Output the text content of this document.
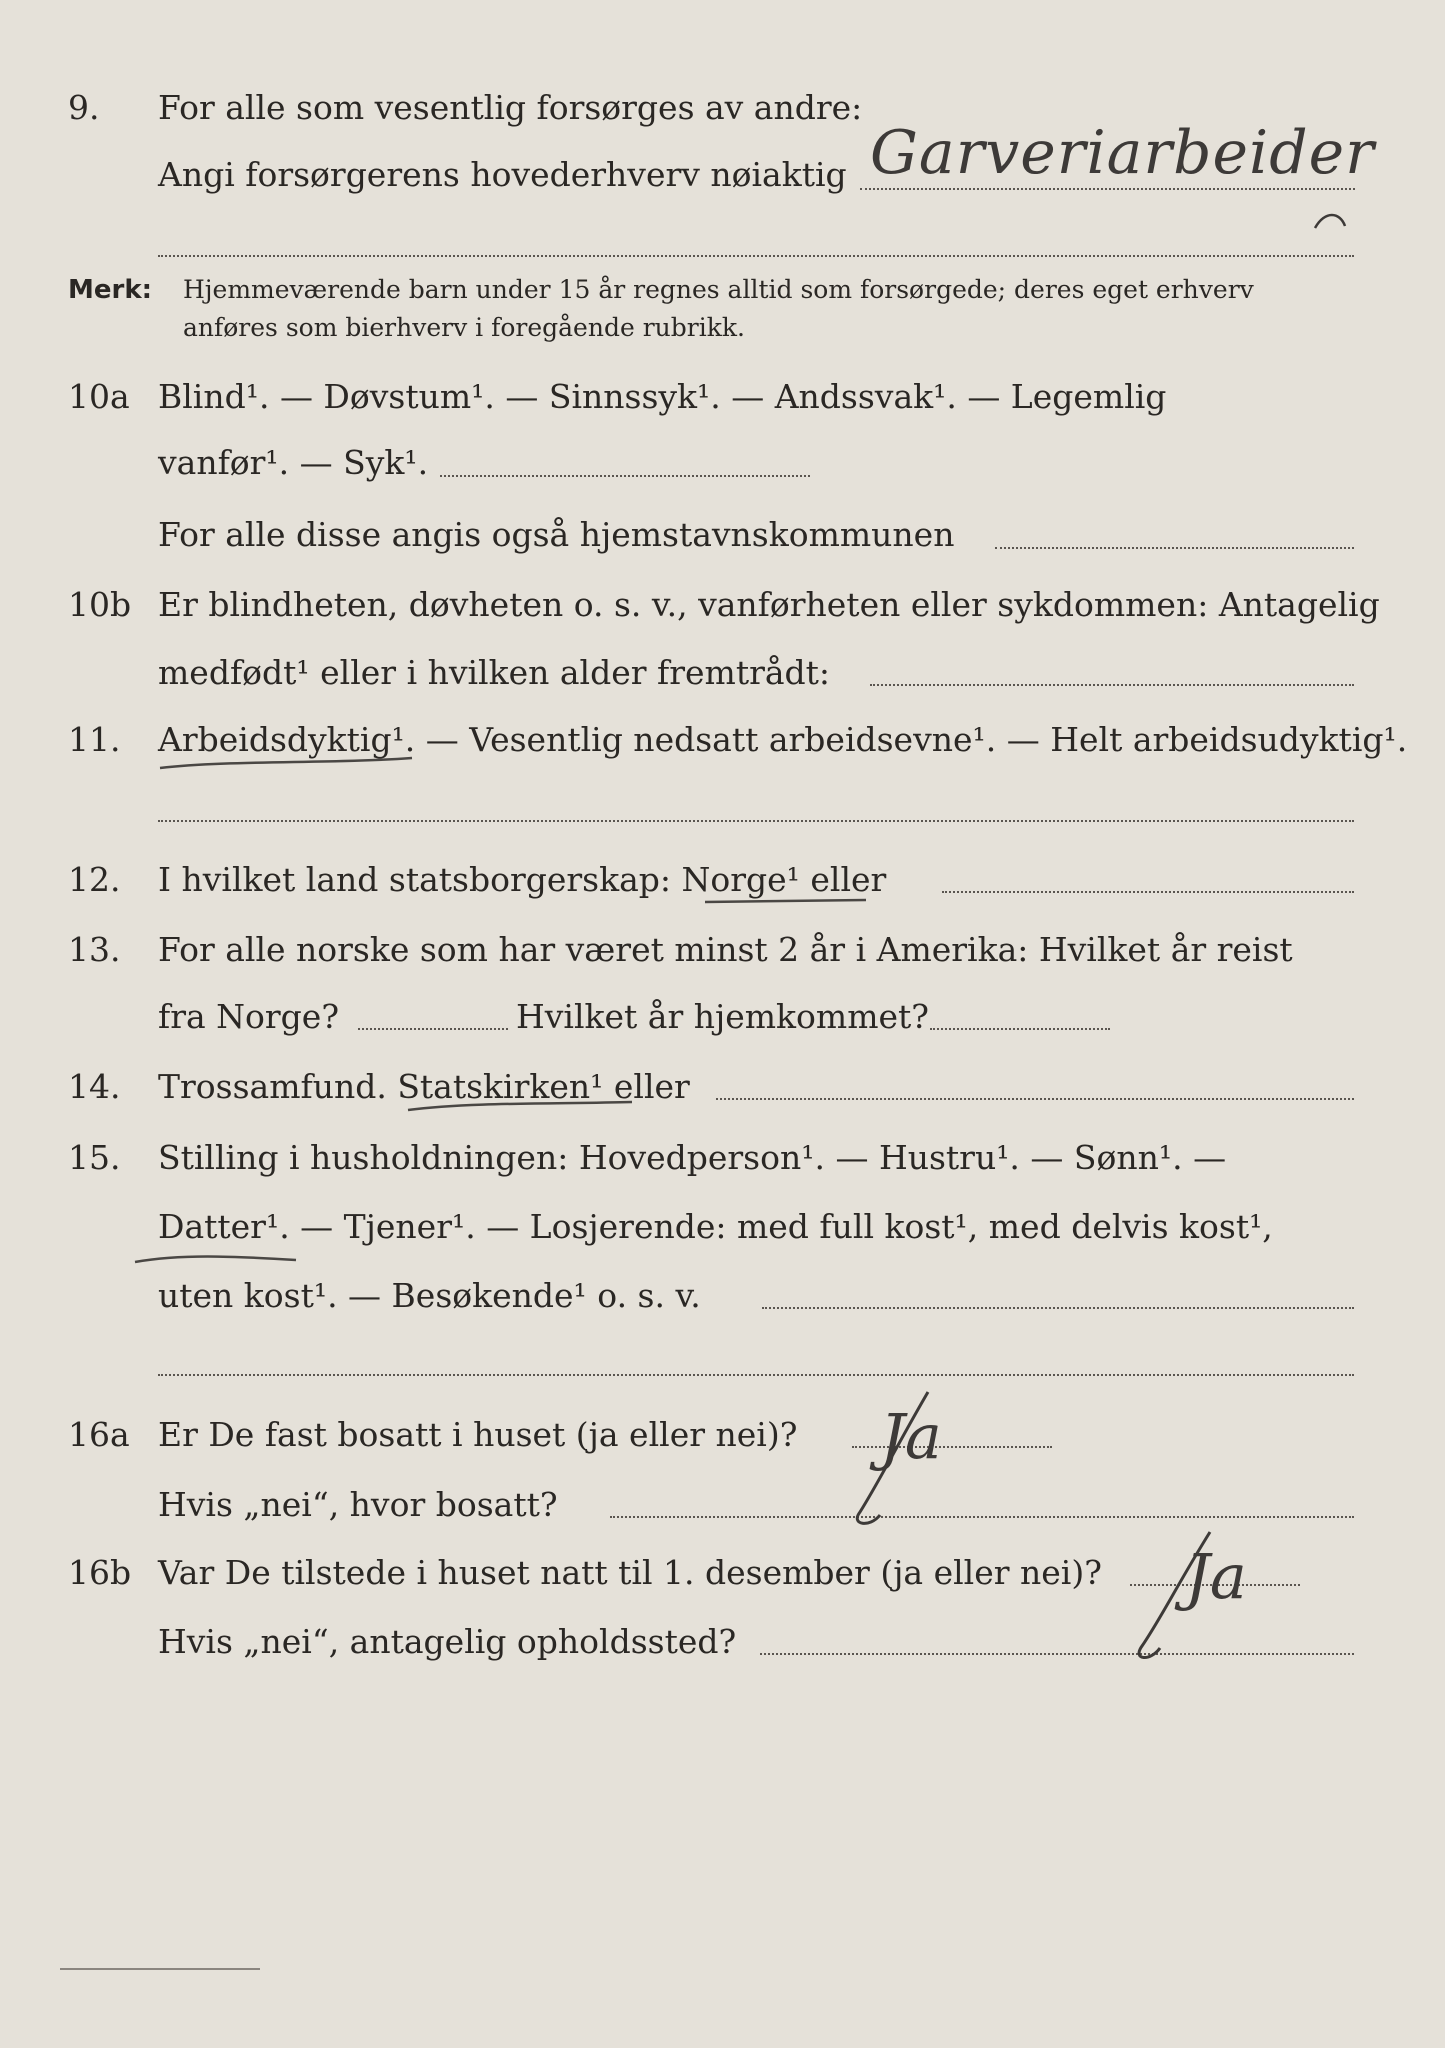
9. For alle som vesentlig forsørges av andre:
Angi forsørgerens hovederhverv nøiaktig Garveriarbeider
Merk: Hjemmeværende barn under 15 år regnes alltid som forsørgede; deres eget erhverv
anføres som bierhverv i foregående rubrikk.
10a Blind¹. — Døvstum¹. — Sinnssyk¹. — Andssvak¹. — Legemlig
vanfør¹. — Syk¹.
For alle disse angis også hjemstavnskommunen
10b Er blindheten, døvheten o. s. v., vanførheten eller sykdommen: Antagelig
medfødt¹ eller i hvilken alder fremtrådt:
11. Arbeidsdyktig¹. — Vesentlig nedsatt arbeidsevne¹. — Helt arbeidsudyktig¹.
12. I hvilket land statsborgerskap: Norge¹ eller
13. For alle norske som har været minst 2 år i Amerika: Hvilket år reist
fra Norge?	Hvilket år hjemkommet?
14. Trossamfund. Statskirken¹ eller
15. Stilling i husholdningen: Hovedperson¹. — Hustru¹. — Sønn¹. —
Datter¹. — Tjener¹. — Losjerende: med full kost¹, med delvis kost¹,
uten kost¹. — Besøkende¹ o. s. v.
16a Er De fast bosatt i huset (ja eller nei)? Ja
Hvis „nei“, hvor bosatt?
16b Var De tilstede i huset natt til 1. desember (ja eller nei)? Ja
Hvis „nei“, antagelig opholdssted?
